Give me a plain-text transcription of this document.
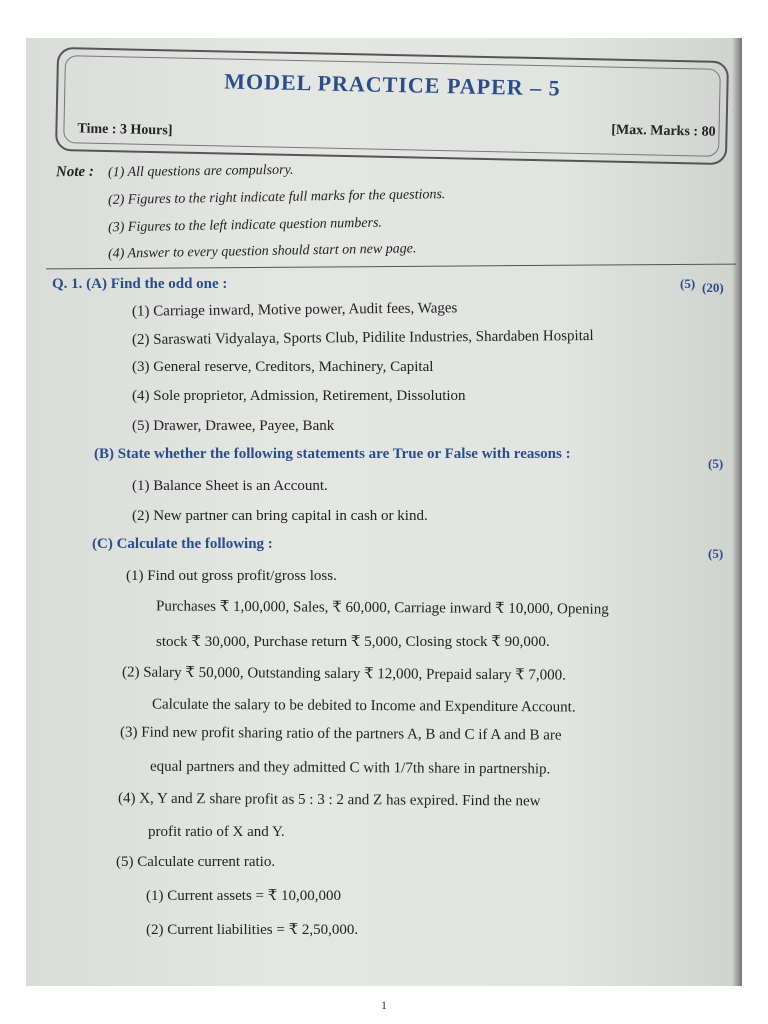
MODEL PRACTICE PAPER – 5
Time : 3 Hours]	[Max. Marks : 80
Note : (1) All questions are compulsory.
(2) Figures to the right indicate full marks for the questions.
(3) Figures to the left indicate question numbers.
(4) Answer to every question should start on new page.
Q. 1. (A) Find the odd one :	(5) (20)
(1) Carriage inward, Motive power, Audit fees, Wages
(2) Saraswati Vidyalaya, Sports Club, Pidilite Industries, Shardaben Hospital
(3) General reserve, Creditors, Machinery, Capital
(4) Sole proprietor, Admission, Retirement, Dissolution
(5) Drawer, Drawee, Payee, Bank
(B) State whether the following statements are True or False with reasons :
(5)
(1) Balance Sheet is an Account.
(2) New partner can bring capital in cash or kind.
(C) Calculate the following :
(5)
(1) Find out gross profit/gross loss.
Purchases ₹ 1,00,000, Sales, ₹ 60,000, Carriage inward ₹ 10,000, Opening
stock ₹ 30,000, Purchase return ₹ 5,000, Closing stock ₹ 90,000.
(2) Salary ₹ 50,000, Outstanding salary ₹ 12,000, Prepaid salary ₹ 7,000.
Calculate the salary to be debited to Income and Expenditure Account.
(3) Find new profit sharing ratio of the partners A, B and C if A and B are
equal partners and they admitted C with 1/7th share in partnership.
(4) X, Y and Z share profit as 5 : 3 : 2 and Z has expired. Find the new
profit ratio of X and Y.
(5) Calculate current ratio.
(1) Current assets = ₹ 10,00,000
(2) Current liabilities = ₹ 2,50,000.
1
